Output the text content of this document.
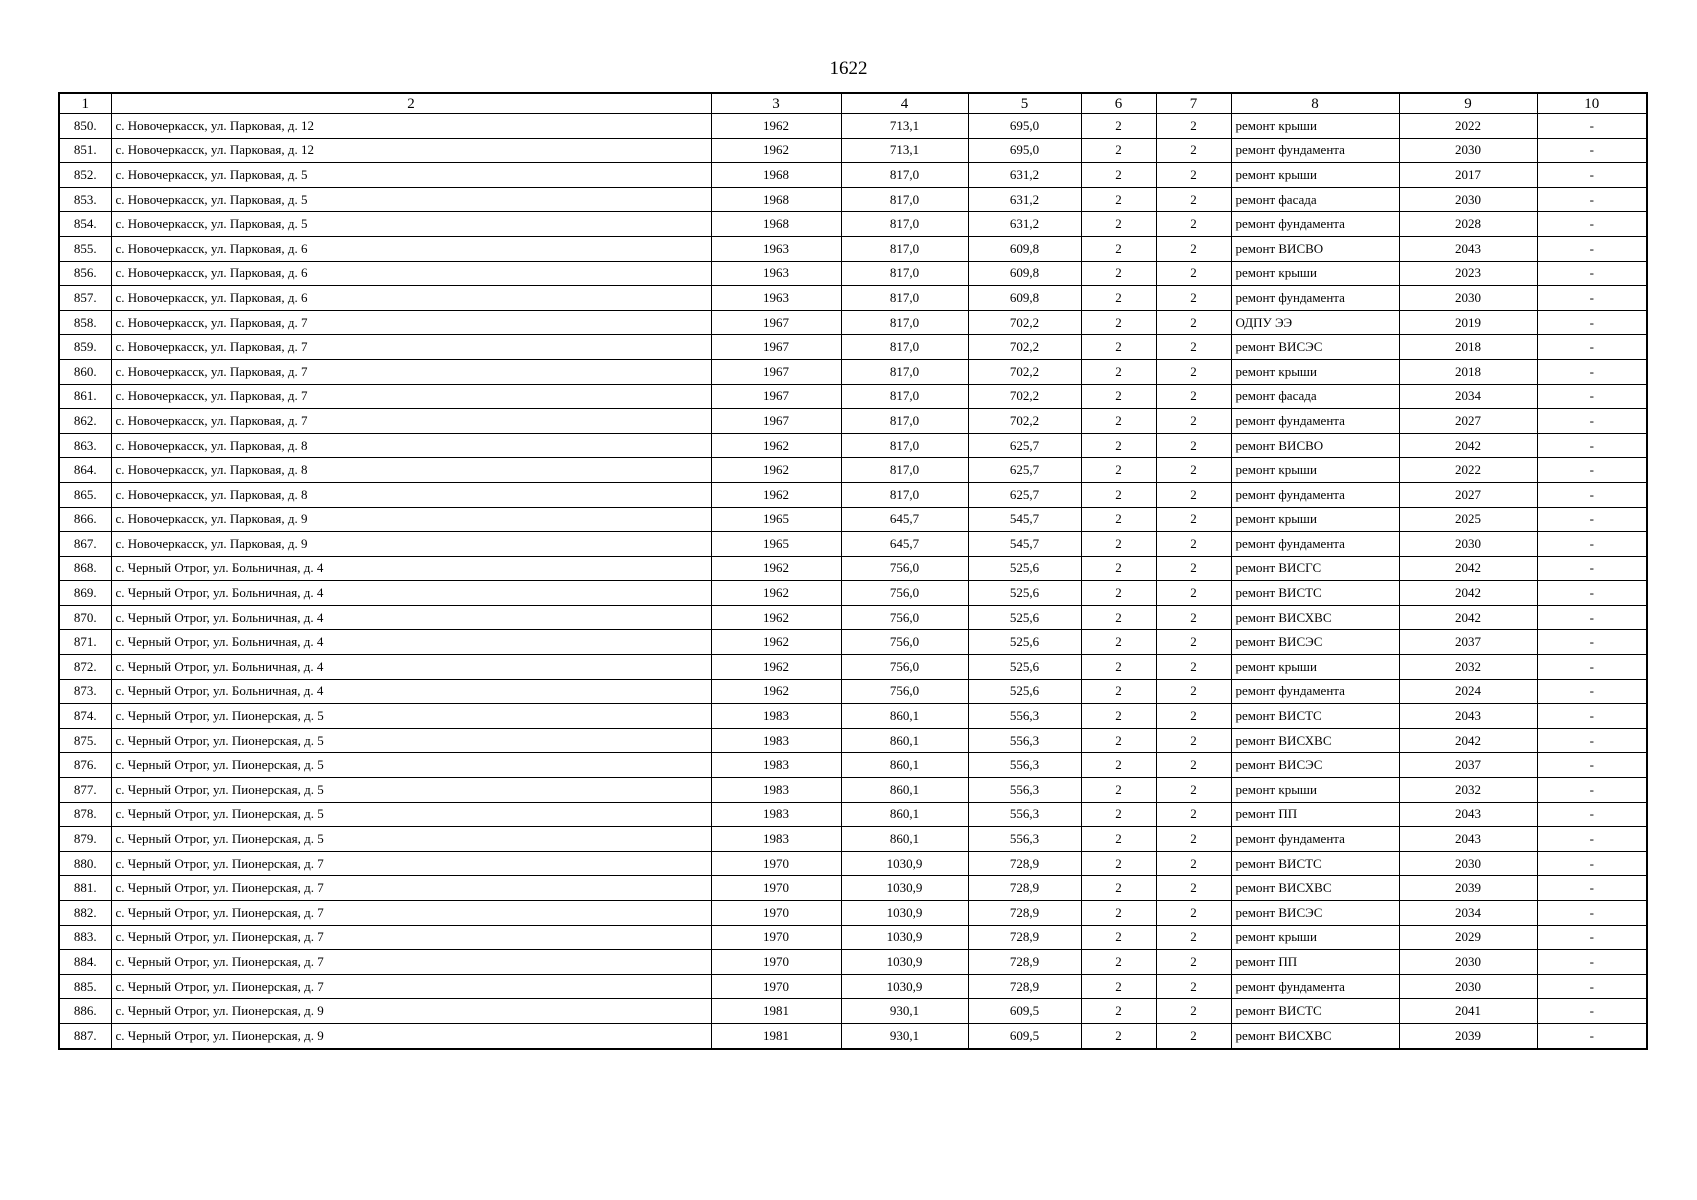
1622
1	2	3	4	5	6	7	8	9	10
850.	с. Новочеркасск, ул. Парковая, д. 12	1962	713,1	695,0	2	2	ремонт крыши	2022	-
851.	с. Новочеркасск, ул. Парковая, д. 12	1962	713,1	695,0	2	2	ремонт фундамента	2030	-
852.	с. Новочеркасск, ул. Парковая, д. 5	1968	817,0	631,2	2	2	ремонт крыши	2017	-
853.	с. Новочеркасск, ул. Парковая, д. 5	1968	817,0	631,2	2	2	ремонт фасада	2030	-
854.	с. Новочеркасск, ул. Парковая, д. 5	1968	817,0	631,2	2	2	ремонт фундамента	2028	-
855.	с. Новочеркасск, ул. Парковая, д. 6	1963	817,0	609,8	2	2	ремонт ВИСВО	2043	-
856.	с. Новочеркасск, ул. Парковая, д. 6	1963	817,0	609,8	2	2	ремонт крыши	2023	-
857.	с. Новочеркасск, ул. Парковая, д. 6	1963	817,0	609,8	2	2	ремонт фундамента	2030	-
858.	с. Новочеркасск, ул. Парковая, д. 7	1967	817,0	702,2	2	2	ОДПУ ЭЭ	2019	-
859.	с. Новочеркасск, ул. Парковая, д. 7	1967	817,0	702,2	2	2	ремонт ВИСЭС	2018	-
860.	с. Новочеркасск, ул. Парковая, д. 7	1967	817,0	702,2	2	2	ремонт крыши	2018	-
861.	с. Новочеркасск, ул. Парковая, д. 7	1967	817,0	702,2	2	2	ремонт фасада	2034	-
862.	с. Новочеркасск, ул. Парковая, д. 7	1967	817,0	702,2	2	2	ремонт фундамента	2027	-
863.	с. Новочеркасск, ул. Парковая, д. 8	1962	817,0	625,7	2	2	ремонт ВИСВО	2042	-
864.	с. Новочеркасск, ул. Парковая, д. 8	1962	817,0	625,7	2	2	ремонт крыши	2022	-
865.	с. Новочеркасск, ул. Парковая, д. 8	1962	817,0	625,7	2	2	ремонт фундамента	2027	-
866.	с. Новочеркасск, ул. Парковая, д. 9	1965	645,7	545,7	2	2	ремонт крыши	2025	-
867.	с. Новочеркасск, ул. Парковая, д. 9	1965	645,7	545,7	2	2	ремонт фундамента	2030	-
868.	с. Черный Отрог, ул. Больничная, д. 4	1962	756,0	525,6	2	2	ремонт ВИСГС	2042	-
869.	с. Черный Отрог, ул. Больничная, д. 4	1962	756,0	525,6	2	2	ремонт ВИСТС	2042	-
870.	с. Черный Отрог, ул. Больничная, д. 4	1962	756,0	525,6	2	2	ремонт ВИСХВС	2042	-
871.	с. Черный Отрог, ул. Больничная, д. 4	1962	756,0	525,6	2	2	ремонт ВИСЭС	2037	-
872.	с. Черный Отрог, ул. Больничная, д. 4	1962	756,0	525,6	2	2	ремонт крыши	2032	-
873.	с. Черный Отрог, ул. Больничная, д. 4	1962	756,0	525,6	2	2	ремонт фундамента	2024	-
874.	с. Черный Отрог, ул. Пионерская, д. 5	1983	860,1	556,3	2	2	ремонт ВИСТС	2043	-
875.	с. Черный Отрог, ул. Пионерская, д. 5	1983	860,1	556,3	2	2	ремонт ВИСХВС	2042	-
876.	с. Черный Отрог, ул. Пионерская, д. 5	1983	860,1	556,3	2	2	ремонт ВИСЭС	2037	-
877.	с. Черный Отрог, ул. Пионерская, д. 5	1983	860,1	556,3	2	2	ремонт крыши	2032	-
878.	с. Черный Отрог, ул. Пионерская, д. 5	1983	860,1	556,3	2	2	ремонт ПП	2043	-
879.	с. Черный Отрог, ул. Пионерская, д. 5	1983	860,1	556,3	2	2	ремонт фундамента	2043	-
880.	с. Черный Отрог, ул. Пионерская, д. 7	1970	1030,9	728,9	2	2	ремонт ВИСТС	2030	-
881.	с. Черный Отрог, ул. Пионерская, д. 7	1970	1030,9	728,9	2	2	ремонт ВИСХВС	2039	-
882.	с. Черный Отрог, ул. Пионерская, д. 7	1970	1030,9	728,9	2	2	ремонт ВИСЭС	2034	-
883.	с. Черный Отрог, ул. Пионерская, д. 7	1970	1030,9	728,9	2	2	ремонт крыши	2029	-
884.	с. Черный Отрог, ул. Пионерская, д. 7	1970	1030,9	728,9	2	2	ремонт ПП	2030	-
885.	с. Черный Отрог, ул. Пионерская, д. 7	1970	1030,9	728,9	2	2	ремонт фундамента	2030	-
886.	с. Черный Отрог, ул. Пионерская, д. 9	1981	930,1	609,5	2	2	ремонт ВИСТС	2041	-
887.	с. Черный Отрог, ул. Пионерская, д. 9	1981	930,1	609,5	2	2	ремонт ВИСХВС	2039	-
